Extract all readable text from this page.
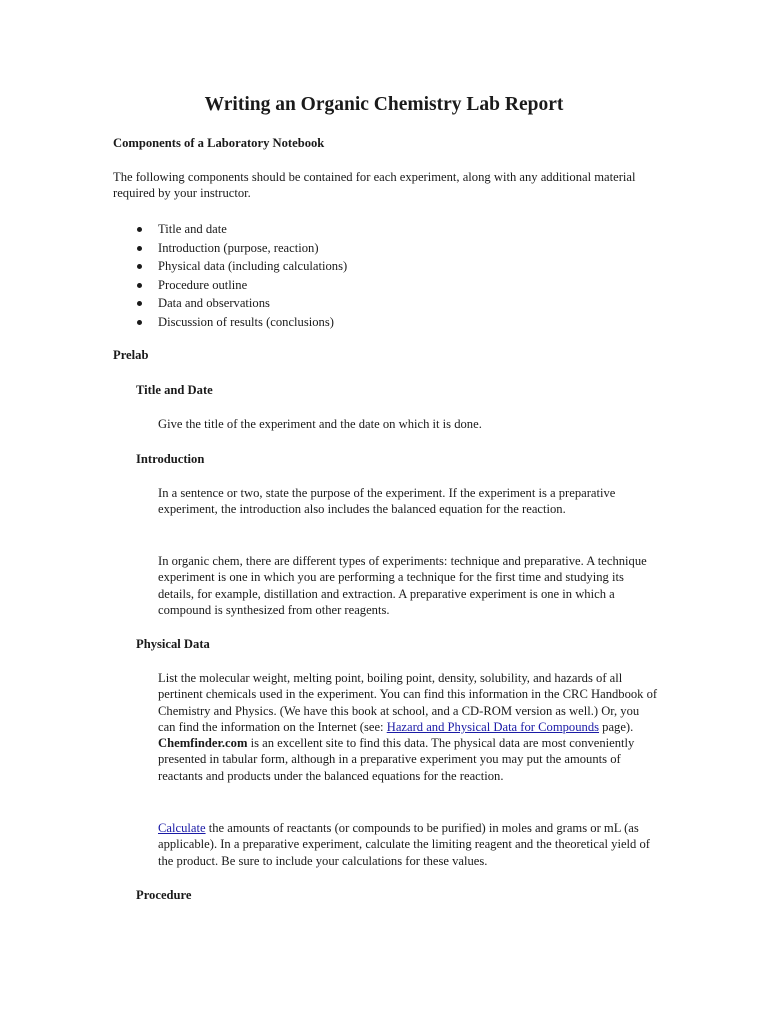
Writing an Organic Chemistry Lab Report
Components of a Laboratory Notebook

The following components should be contained for each experiment, along with any additional material required by your instructor.

Title and date
Introduction (purpose, reaction)
Physical data (including calculations)
Procedure outline
Data and observations
Discussion of results (conclusions)
Prelab
Title and Date

Give the title of the experiment and the date on which it is done.

Introduction

In a sentence or two, state the purpose of the experiment. If the experiment is a preparative experiment, the introduction also includes the balanced equation for the reaction.

In organic chem, there are different types of experiments: technique and preparative. A technique experiment is one in which you are performing a technique for the first time and studying its details, for example, distillation and extraction. A preparative experiment is one in which a compound is synthesized from other reagents.

Physical Data

List the molecular weight, melting point, boiling point, density, solubility, and hazards of all pertinent chemicals used in the experiment. You can find this information in the CRC Handbook of Chemistry and Physics. (We have this book at school, and a CD-ROM version as well.) Or, you can find the information on the Internet (see: Hazard and Physical Data for Compounds page). Chemfinder.com is an excellent site to find this data. The physical data are most conveniently presented in tabular form, although in a preparative experiment you may put the amounts of reactants and products under the balanced equations for the reaction.

Calculate the amounts of reactants (or compounds to be purified) in moles and grams or mL (as applicable). In a preparative experiment, calculate the limiting reagent and the theoretical yield of the product. Be sure to include your calculations for these values.

Procedure
